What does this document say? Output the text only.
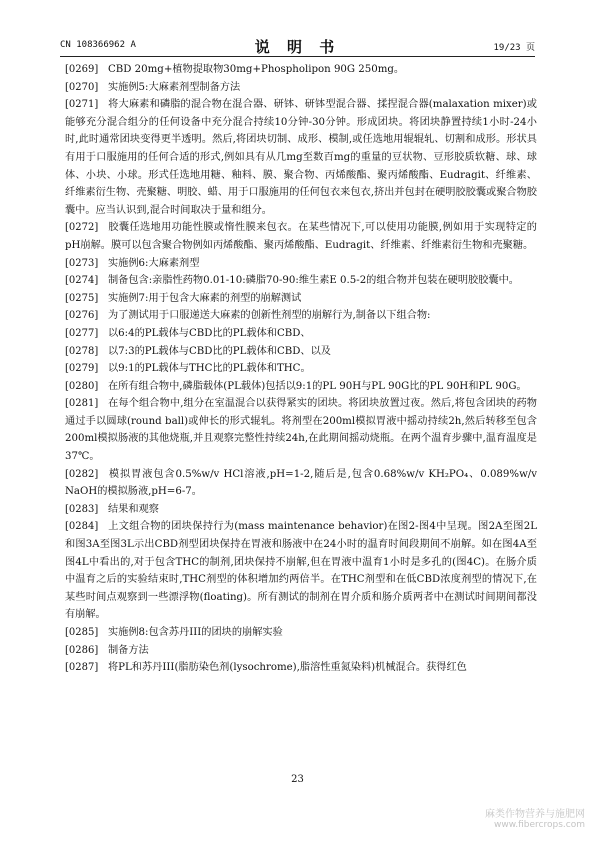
CN 108366962 A	说 明 书	19/23 页
[0269] CBD 20mg+植物提取物30mg+Phospholipon 90G 250mg。
[0270] 实施例5:大麻素剂型制备方法
[0271] 将大麻素和磷脂的混合物在混合器、研钵、研钵型混合器、揉捏混合器(malaxation mixer)或能够充分混合组分的任何设备中充分混合持续10分钟-30分钟。形成团块。将团块静置持续1小时-24小时,此时通常团块变得更半透明。然后,将团块切制、成形、模制,或任选地用辊辊轧、切割和成形。形状具有用于口服施用的任何合适的形式,例如具有从几mg至数百mg的重量的豆状物、豆形胶质软糖、球、球体、小块、小球。形式任选地用糖、釉料、膜、聚合物、丙烯酸酯、聚丙烯酸酯、Eudragit、纤维素、纤维素衍生物、壳聚糖、明胶、蜡、用于口服施用的任何包衣来包衣,挤出并包封在硬明胶胶囊或聚合物胶囊中。应当认识到,混合时间取决于量和组分。
[0272] 胶囊任选地用功能性膜或惰性膜来包衣。在某些情况下,可以使用功能膜,例如用于实现特定的pH崩解。膜可以包含聚合物例如丙烯酸酯、聚丙烯酸酯、Eudragit、纤维素、纤维素衍生物和壳聚糖。
[0273] 实施例6:大麻素剂型
[0274] 制备包含:亲脂性药物0.01-10:磷脂70-90:维生素E 0.5-2的组合物并包装在硬明胶胶囊中。
[0275] 实施例7:用于包含大麻素的剂型的崩解测试
[0276] 为了测试用于口服递送大麻素的创新性剂型的崩解行为,制备以下组合物:
[0277] 以6:4的PL载体与CBD比的PL载体和CBD、
[0278] 以7:3的PL载体与CBD比的PL载体和CBD、以及
[0279] 以9:1的PL载体与THC比的PL载体和THC。
[0280] 在所有组合物中,磷脂载体(PL载体)包括以9:1的PL 90H与PL 90G比的PL 90H和PL 90G。
[0281] 在每个组合物中,组分在室温混合以获得紧实的团块。将团块放置过夜。然后,将包含团块的药物通过手以圆球(round ball)或伸长的形式辊轧。将剂型在200ml模拟胃液中摇动持续2h,然后转移至包含200ml模拟肠液的其他烧瓶,并且观察完整性持续24h,在此期间摇动烧瓶。在两个温育步骤中,温育温度是37℃。
[0282] 模拟胃液包含0.5%w/v HCl溶液,pH=1-2,随后是,包含0.68%w/v KH₂PO₄、0.089%w/v NaOH的模拟肠液,pH=6-7。
[0283] 结果和观察
[0284] 上文组合物的团块保持行为(mass maintenance behavior)在图2-图4中呈现。图2A至图2L和图3A至图3L示出CBD剂型团块保持在胃液和肠液中在24小时的温育时间段期间不崩解。如在图4A至图4L中看出的,对于包含THC的制剂,团块保持不崩解,但在胃液中温育1小时是多孔的(图4C)。在肠介质中温育之后的实验结束时,THC剂型的体积增加约两倍半。在THC剂型和在低CBD浓度剂型的情况下,在某些时间点观察到一些漂浮物(floating)。所有测试的制剂在胃介质和肠介质两者中在测试时间期间都没有崩解。
[0285] 实施例8:包含苏丹III的团块的崩解实验
[0286] 制备方法
[0287] 将PL和苏丹III(脂肪染色剂(lysochrome),脂溶性重氮染料)机械混合。获得红色
23
麻类作物营养与施肥网
www.fibercrops.com
